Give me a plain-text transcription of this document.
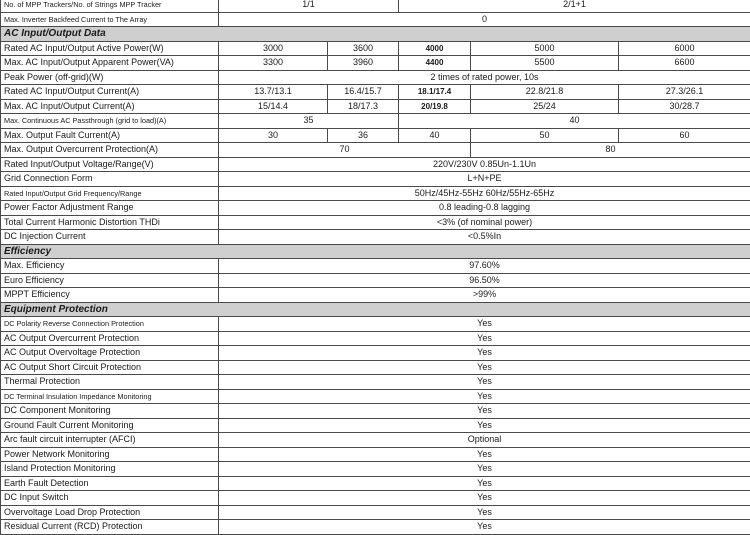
No. of MPP Trackers/No. of Strings MPP Tracker	1/1		2/1+1		
Max. Inverter Backfeed Current to The Array	0				
AC Input/Output Data					
Rated AC Input/Output Active Power(W)	3000	3600	4000	5000	6000
Max. AC Input/Output Apparent Power(VA)	3300	3960	4400	5500	6600
Peak Power (off-grid)(W)	2 times of rated power, 10s				
Rated AC Input/Output Current(A)	13.7/13.1	16.4/15.7	18.1/17.4	22.8/21.8	27.3/26.1
Max. AC Input/Output Current(A)	15/14.4	18/17.3	20/19.8	25/24	30/28.7
Max. Continuous AC Passthrough (grid to load)(A)	35		40		
Max. Output Fault Current(A)	30	36	40	50	60
Max. Output Overcurrent Protection(A)	70			80	
Rated Input/Output Voltage/Range(V)	220V/230V 0.85Un-1.1Un				
Grid Connection Form	L+N+PE				
Rated Input/Output Grid Frequency/Range	50Hz/45Hz-55Hz 60Hz/55Hz-65Hz				
Power Factor Adjustment Range	0.8 leading-0.8 lagging				
Total Current Harmonic Distortion THDi	<3% (of nominal power)				
DC Injection Current	<0.5%In				
Efficiency					
Max. Efficiency	97.60%				
Euro Efficiency	96.50%				
MPPT Efficiency	>99%				
Equipment Protection					
DC Polarity Reverse Connection Protection	Yes				
AC Output Overcurrent Protection	Yes				
AC Output Overvoltage Protection	Yes				
AC Output Short Circuit Protection	Yes				
Thermal Protection	Yes				
DC Terminal Insulation Impedance Monitoring	Yes				
DC Component Monitoring	Yes				
Ground Fault Current Monitoring	Yes				
Arc fault circuit interrupter (AFCI)	Optional				
Power Network Monitoring	Yes				
Island Protection Monitoring	Yes				
Earth Fault Detection	Yes				
DC Input Switch	Yes				
Overvoltage Load Drop Protection	Yes				
Residual Current (RCD) Protection	Yes				
